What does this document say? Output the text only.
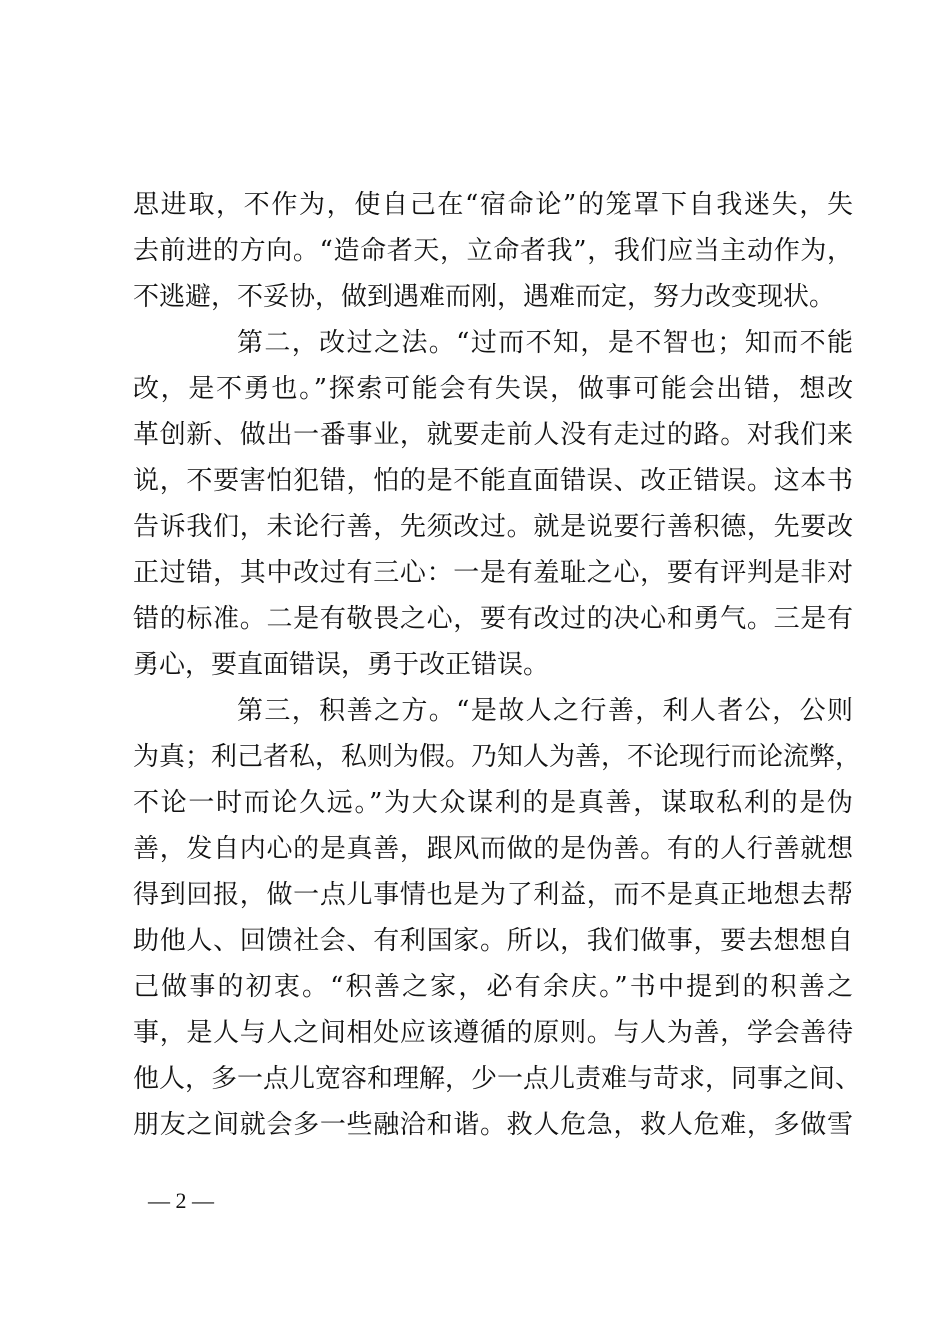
思进取，不作为，使自己在“宿命论”的笼罩下自我迷失，失
去前进的方向。“造命者天，立命者我”，我们应当主动作为，
不逃避，不妥协，做到遇难而刚，遇难而定，努力改变现状。
第二，改过之法。“过而不知，是不智也；知而不能
改，是不勇也。”探索可能会有失误，做事可能会出错，想改
革创新、做出一番事业，就要走前人没有走过的路。对我们来
说，不要害怕犯错，怕的是不能直面错误、改正错误。这本书
告诉我们，未论行善，先须改过。就是说要行善积德，先要改
正过错，其中改过有三心：一是有羞耻之心，要有评判是非对
错的标准。二是有敬畏之心，要有改过的决心和勇气。三是有
勇心，要直面错误，勇于改正错误。
第三，积善之方。“是故人之行善，利人者公，公则
为真；利己者私，私则为假。乃知人为善，不论现行而论流弊，
不论一时而论久远。”为大众谋利的是真善，谋取私利的是伪
善，发自内心的是真善，跟风而做的是伪善。有的人行善就想
得到回报，做一点儿事情也是为了利益，而不是真正地想去帮
助他人、回馈社会、有利国家。所以，我们做事，要去想想自
己做事的初衷。“积善之家，必有余庆。”书中提到的积善之
事，是人与人之间相处应该遵循的原则。与人为善，学会善待
他人，多一点儿宽容和理解，少一点儿责难与苛求，同事之间、
朋友之间就会多一些融洽和谐。救人危急，救人危难，多做雪
— 2 —
